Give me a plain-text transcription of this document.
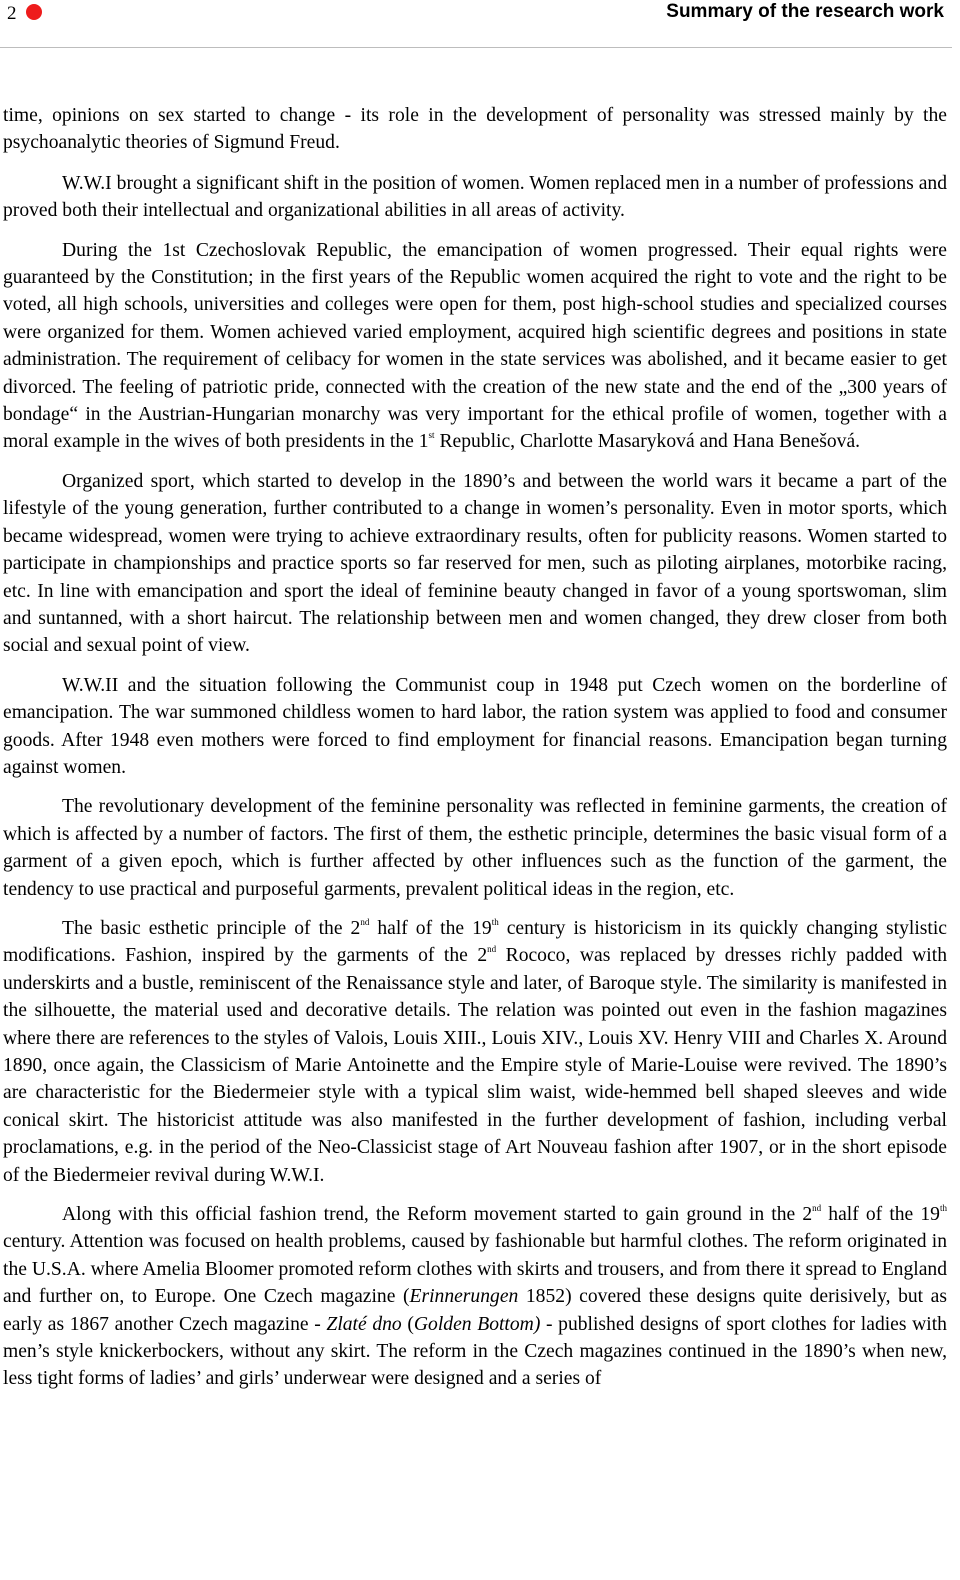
2	Summary of the research work

time, opinions on sex started to change - its role in the development of personality was stressed mainly by the psychoanalytic theories of Sigmund Freud.

W.W.I brought a significant shift in the position of women. Women replaced men in a number of professions and proved both their intellectual and organizational abilities in all areas of activity.

During the 1st Czechoslovak Republic, the emancipation of women progressed. Their equal rights were guaranteed by the Constitution; in the first years of the Republic women acquired the right to vote and the right to be voted, all high schools, universities and colleges were open for them, post high-school studies and specialized courses were organized for them. Women achieved varied employment, acquired high scientific degrees and positions in state administration. The requirement of celibacy for women in the state services was abolished, and it became easier to get divorced. The feeling of patriotic pride, connected with the creation of the new state and the end of the „300 years of bondage“ in the Austrian-Hungarian monarchy was very important for the ethical profile of women, together with a moral example in the wives of both presidents in the 1st Republic, Charlotte Masaryková and Hana Benešová.

Organized sport, which started to develop in the 1890’s and between the world wars it became a part of the lifestyle of the young generation, further contributed to a change in women’s personality. Even in motor sports, which became widespread, women were trying to achieve extraordinary results, often for publicity reasons. Women started to participate in championships and practice sports so far reserved for men, such as piloting airplanes, motorbike racing, etc. In line with emancipation and sport the ideal of feminine beauty changed in favor of a young sportswoman, slim and suntanned, with a short haircut. The relationship between men and women changed, they drew closer from both social and sexual point of view.

W.W.II and the situation following the Communist coup in 1948 put Czech women on the borderline of emancipation. The war summoned childless women to hard labor, the ration system was applied to food and consumer goods. After 1948 even mothers were forced to find employment for financial reasons. Emancipation began turning against women.

The revolutionary development of the feminine personality was reflected in feminine garments, the creation of which is affected by a number of factors. The first of them, the esthetic principle, determines the basic visual form of a garment of a given epoch, which is further affected by other influences such as the function of the garment, the tendency to use practical and purposeful garments, prevalent political ideas in the region, etc.

The basic esthetic principle of the 2nd half of the 19th century is historicism in its quickly changing stylistic modifications. Fashion, inspired by the garments of the 2nd Rococo, was replaced by dresses richly padded with underskirts and a bustle, reminiscent of the Renaissance style and later, of Baroque style. The similarity is manifested in the silhouette, the material used and decorative details. The relation was pointed out even in the fashion magazines where there are references to the styles of Valois, Louis XIII., Louis XIV., Louis XV. Henry VIII and Charles X. Around 1890, once again, the Classicism of Marie Antoinette and the Empire style of Marie-Louise were revived. The 1890’s are characteristic for the Biedermeier style with a typical slim waist, wide-hemmed bell shaped sleeves and wide conical skirt. The historicist attitude was also manifested in the further development of fashion, including verbal proclamations, e.g. in the period of the Neo-Classicist stage of Art Nouveau fashion after 1907, or in the short episode of the Biedermeier revival during W.W.I.

Along with this official fashion trend, the Reform movement started to gain ground in the 2nd half of the 19th century. Attention was focused on health problems, caused by fashionable but harmful clothes. The reform originated in the U.S.A. where Amelia Bloomer promoted reform clothes with skirts and trousers, and from there it spread to England and further on, to Europe. One Czech magazine (Erinnerungen 1852) covered these designs quite derisively, but as early as 1867 another Czech magazine - Zlaté dno (Golden Bottom) - published designs of sport clothes for ladies with men’s style knickerbockers, without any skirt. The reform in the Czech magazines continued in the 1890’s when new, less tight forms of ladies’ and girls’ underwear were designed and a series of
